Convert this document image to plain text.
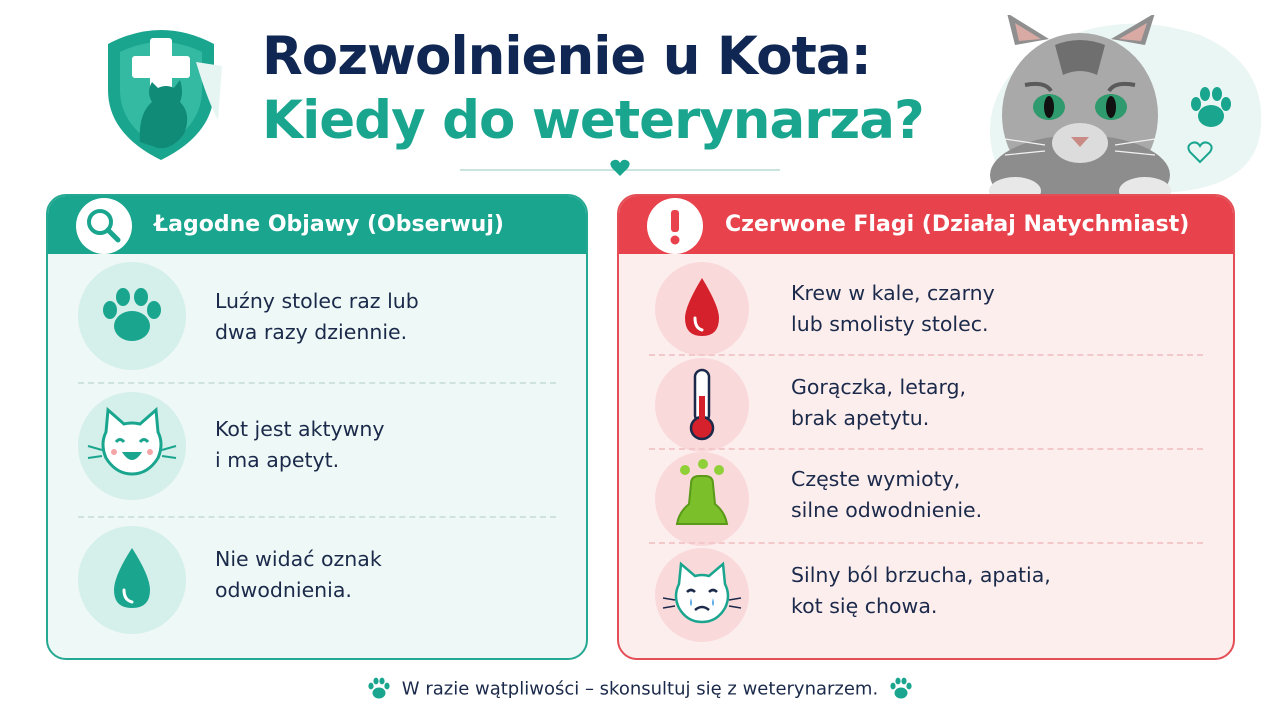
Rozwolnienie u Kota:
Kiedy do weterynarza?
Łagodne Objawy (Obserwuj)
Luźny stolec raz lub
dwa razy dziennie.
Kot jest aktywny
i ma apetyt.
Nie widać oznak
odwodnienia.
Czerwone Flagi (Działaj Natychmiast)
Krew w kale, czarny
lub smolisty stolec.
Gorączka, letarg,
brak apetytu.
Częste wymioty,
silne odwodnienie.
Silny ból brzucha, apatia,
kot się chowa.
W razie wątpliwości – skonsultuj się z weterynarzem.
